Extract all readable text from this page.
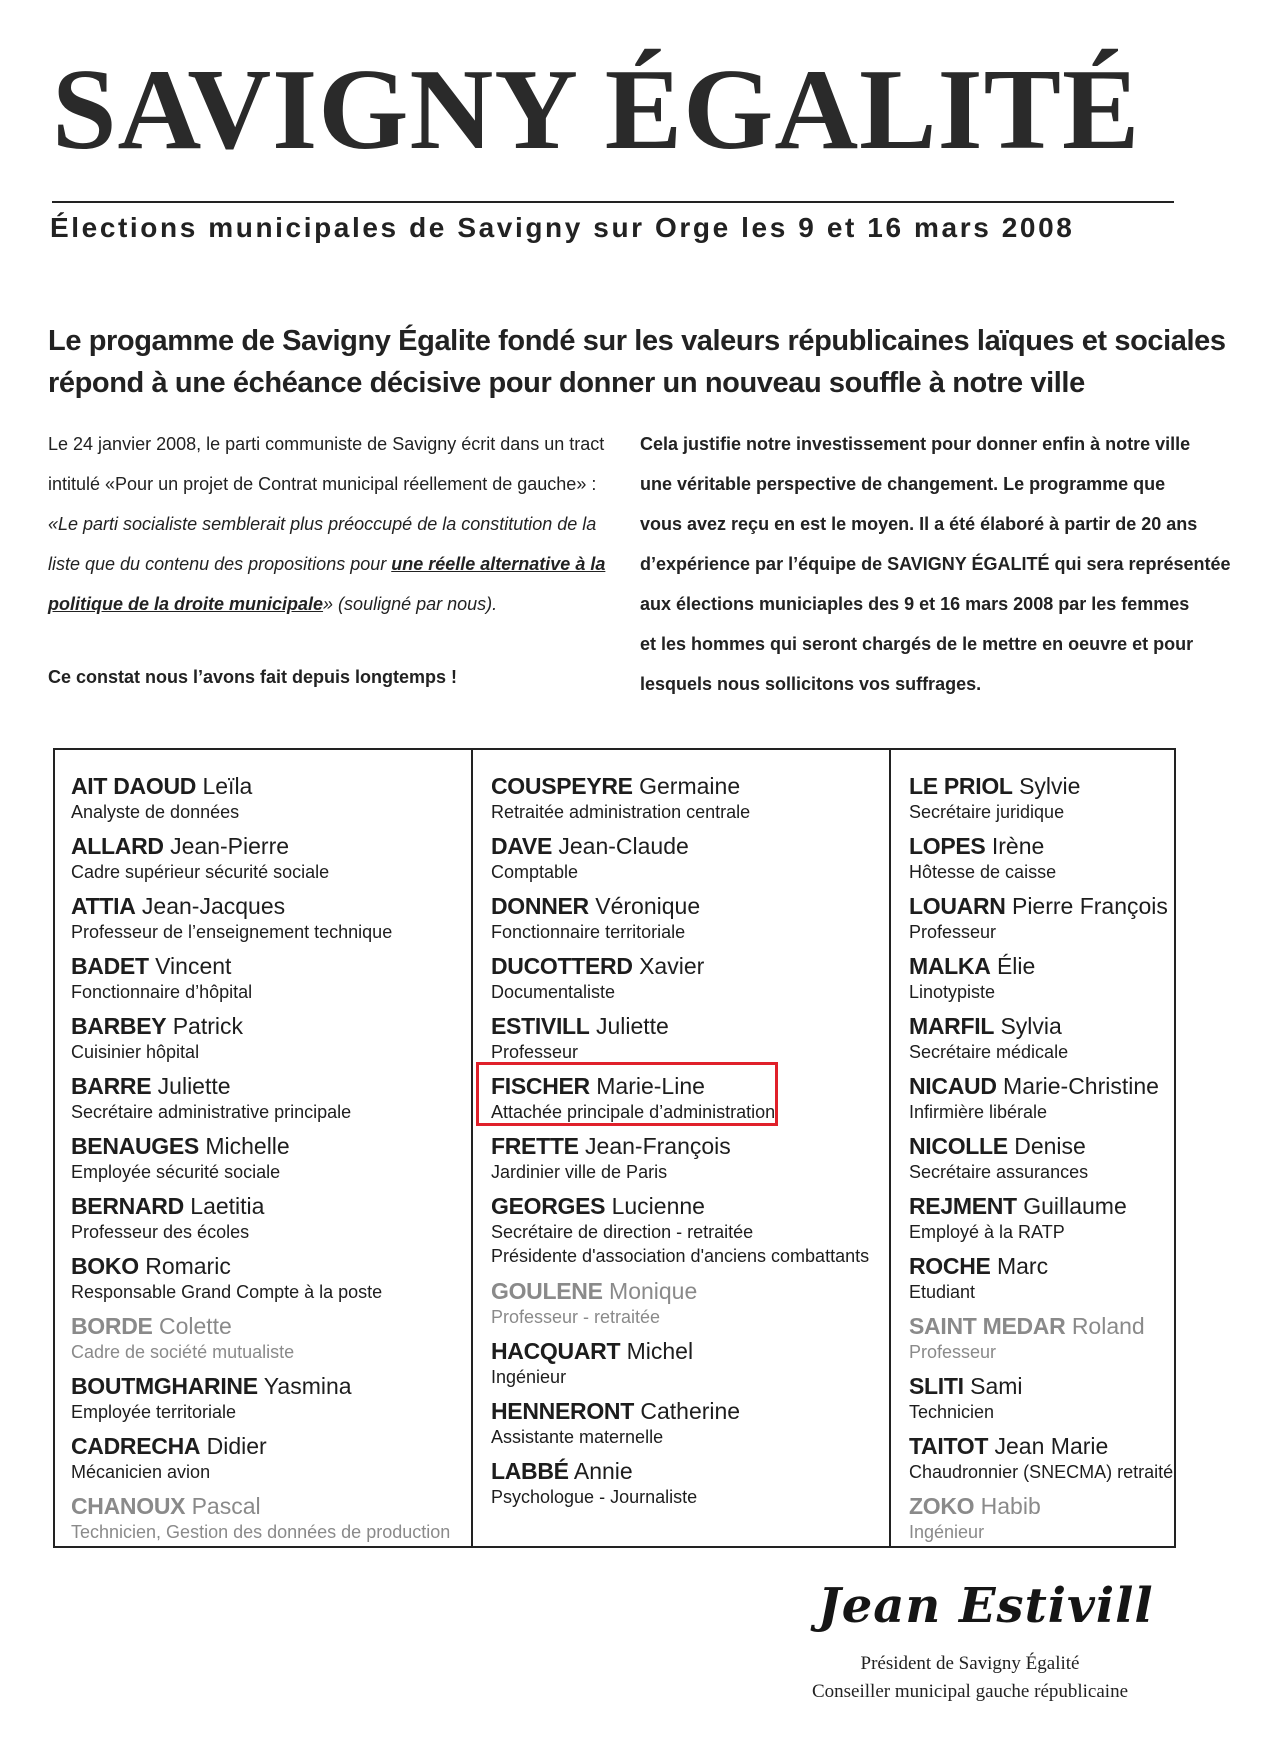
SAVIGNY ÉGALITÉ
Élections municipales de Savigny sur Orge les 9 et 16 mars 2008
Le progamme de Savigny Égalite fondé sur les valeurs républicaines laïques et sociales
répond à une échéance décisive pour donner un nouveau souffle à notre ville
Le 24 janvier 2008, le parti communiste de Savigny écrit dans un tract
intitulé «Pour un projet de Contrat municipal réellement de gauche» :
«Le parti socialiste semblerait plus préoccupé de la constitution de la
liste que du contenu des propositions pour une réelle alternative à la
politique de la droite municipale» (souligné par nous).
Ce constat nous l’avons fait depuis longtemps !
Cela justifie notre investissement pour donner enfin à notre ville
une véritable perspective de changement. Le programme que
vous avez reçu en est le moyen. Il a été élaboré à partir de 20 ans
d’expérience par l’équipe de SAVIGNY ÉGALITÉ qui sera représentée
aux élections municiaples des 9 et 16 mars 2008 par les femmes
et les hommes qui seront chargés de le mettre en oeuvre et pour
lesquels nous sollicitons vos suffrages.
AIT DAOUD Leïla
Analyste de données
ALLARD Jean-Pierre
Cadre supérieur sécurité sociale
ATTIA Jean-Jacques
Professeur de l’enseignement technique
BADET Vincent
Fonctionnaire d’hôpital
BARBEY Patrick
Cuisinier hôpital
BARRE Juliette
Secrétaire administrative principale
BENAUGES Michelle
Employée sécurité sociale
BERNARD Laetitia
Professeur des écoles
BOKO Romaric
Responsable Grand Compte à la poste
BORDE Colette
Cadre de société mutualiste
BOUTMGHARINE Yasmina
Employée territoriale
CADRECHA Didier
Mécanicien avion
CHANOUX Pascal
Technicien, Gestion des données de production
COUSPEYRE Germaine
Retraitée administration centrale
DAVE Jean-Claude
Comptable
DONNER Véronique
Fonctionnaire territoriale
DUCOTTERD Xavier
Documentaliste
ESTIVILL Juliette
Professeur
FISCHER Marie-Line
Attachée principale d’administration
FRETTE Jean-François
Jardinier ville de Paris
GEORGES Lucienne
Secrétaire de direction - retraitée
Présidente d'association d'anciens combattants
GOULENE Monique
Professeur - retraitée
HACQUART Michel
Ingénieur
HENNERONT Catherine
Assistante maternelle
LABBÉ Annie
Psychologue - Journaliste
LE PRIOL Sylvie
Secrétaire juridique
LOPES Irène
Hôtesse de caisse
LOUARN Pierre François
Professeur
MALKA Élie
Linotypiste
MARFIL Sylvia
Secrétaire médicale
NICAUD Marie-Christine
Infirmière libérale
NICOLLE Denise
Secrétaire assurances
REJMENT Guillaume
Employé à la RATP
ROCHE Marc
Etudiant
SAINT MEDAR Roland
Professeur
SLITI Sami
Technicien
TAITOT Jean Marie
Chaudronnier (SNECMA) retraité
ZOKO Habib
Ingénieur
Jean Estivill
Président de Savigny Égalité
Conseiller municipal gauche républicaine
